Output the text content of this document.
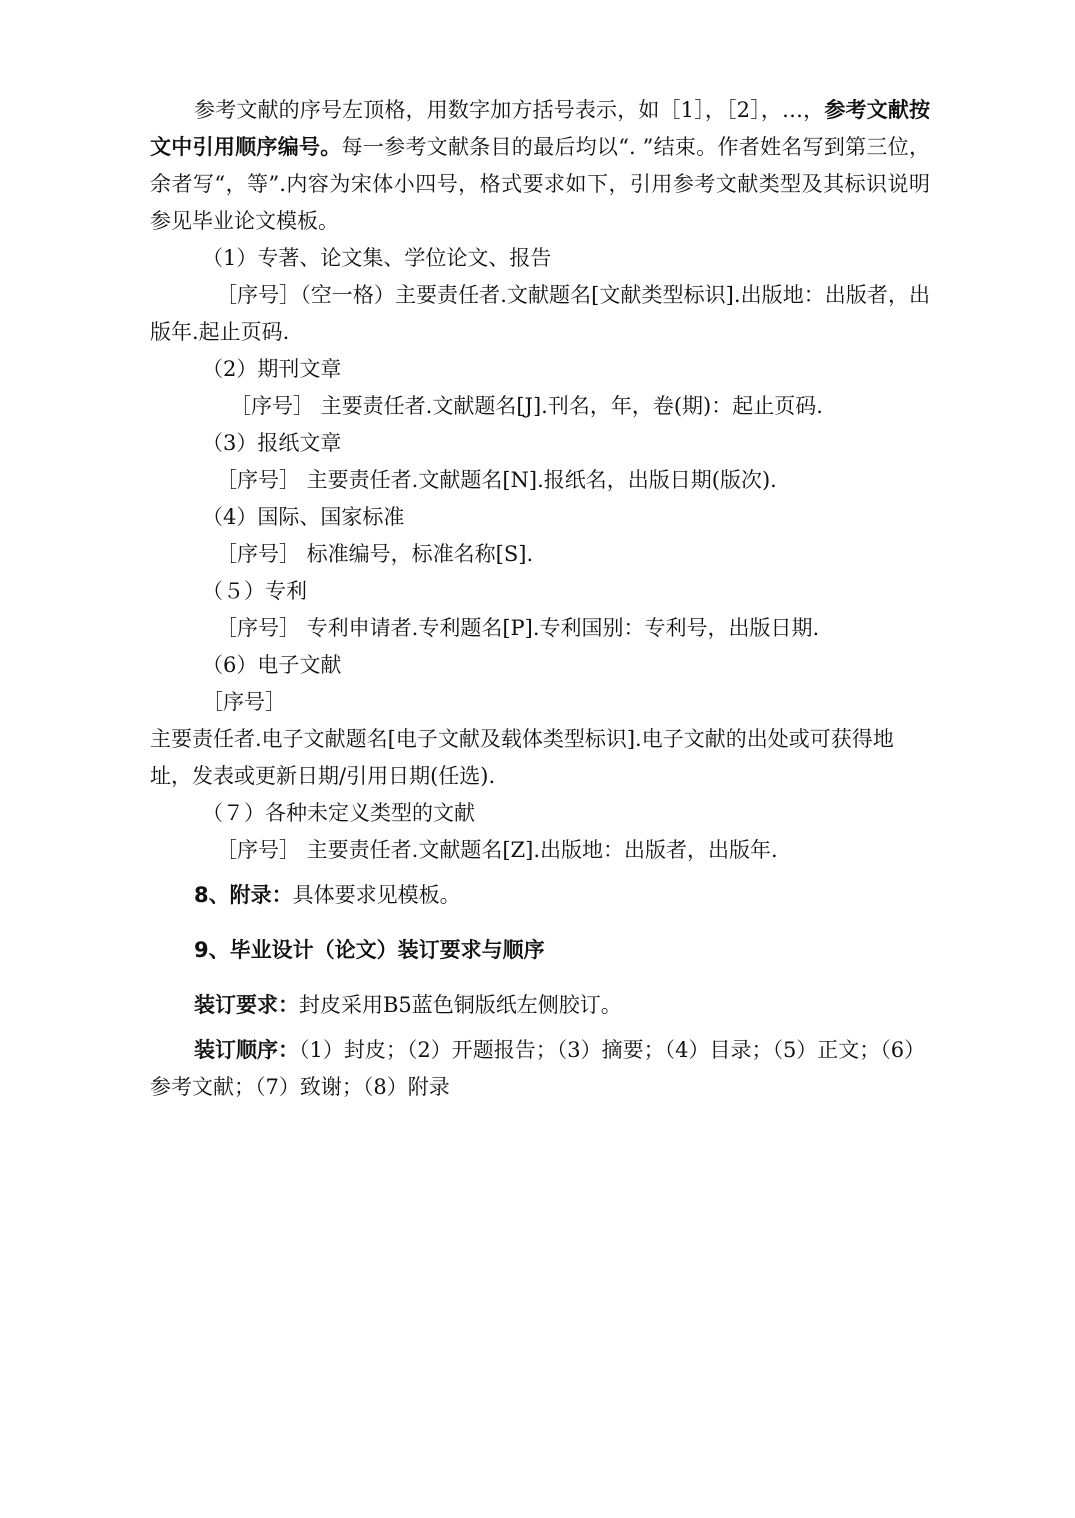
参考文献的序号左顶格，用数字加方括号表示，如［1］，［2］，…，参考文献按文中引用顺序编号。每一参考文献条目的最后均以“. ”结束。作者姓名写到第三位，余者写“，等”.内容为宋体小四号，格式要求如下，引用参考文献类型及其标识说明参见毕业论文模板。

（1）专著、论文集、学位论文、报告

［序号］（空一格）主要责任者.文献题名[文献类型标识].出版地：出版者，出版年.起止页码.

（2）期刊文章

［序号］ 主要责任者.文献题名[J].刊名，年，卷(期)：起止页码.

（3）报纸文章

［序号］ 主要责任者.文献题名[N].报纸名，出版日期(版次).

（4）国际、国家标准

［序号］ 标准编号，标准名称[S].

（５）专利

［序号］ 专利申请者.专利题名[P].专利国别：专利号，出版日期.

（6）电子文献

［序号］

主要责任者.电子文献题名[电子文献及载体类型标识].电子文献的出处或可获得地址，发表或更新日期/引用日期(任选).

（７）各种未定义类型的文献

［序号］ 主要责任者.文献题名[Z].出版地：出版者，出版年.

8、附录：具体要求见模板。

9、毕业设计（论文）装订要求与顺序

装订要求：封皮采用B5蓝色铜版纸左侧胶订。

装订顺序：（1）封皮；（2）开题报告；（3）摘要；（4）目录；（5）正文；（6）参考文献；（7）致谢；（8）附录
